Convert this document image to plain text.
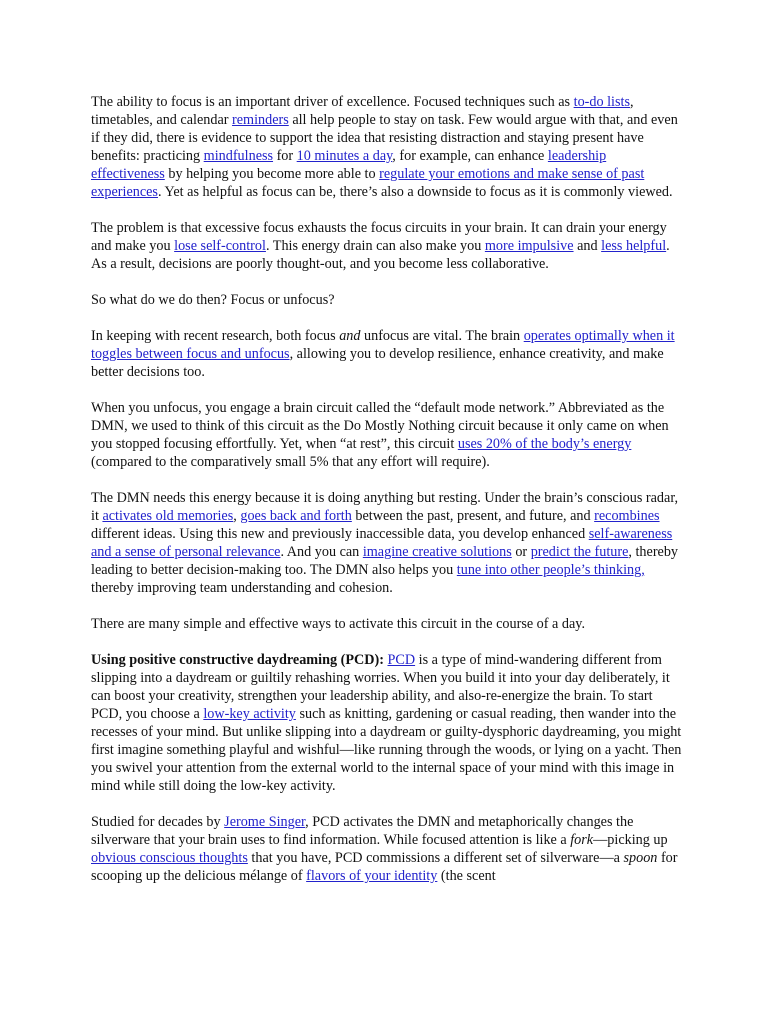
The ability to focus is an important driver of excellence. Focused techniques such as to-do lists, timetables, and calendar reminders all help people to stay on task. Few would argue with that, and even if they did, there is evidence to support the idea that resisting distraction and staying present have benefits: practicing mindfulness for 10 minutes a day, for example, can enhance leadership effectiveness by helping you become more able to regulate your emotions and make sense of past experiences. Yet as helpful as focus can be, there’s also a downside to focus as it is commonly viewed.

The problem is that excessive focus exhausts the focus circuits in your brain. It can drain your energy and make you lose self-control. This energy drain can also make you more impulsive and less helpful. As a result, decisions are poorly thought-out, and you become less collaborative.

So what do we do then? Focus or unfocus?

In keeping with recent research, both focus and unfocus are vital. The brain operates optimally when it toggles between focus and unfocus, allowing you to develop resilience, enhance creativity, and make better decisions too.

When you unfocus, you engage a brain circuit called the “default mode network.” Abbreviated as the DMN, we used to think of this circuit as the Do Mostly Nothing circuit because it only came on when you stopped focusing effortfully. Yet, when “at rest”, this circuit uses 20% of the body’s energy (compared to the comparatively small 5% that any effort will require).

The DMN needs this energy because it is doing anything but resting. Under the brain’s conscious radar, it activates old memories, goes back and forth between the past, present, and future, and recombines different ideas. Using this new and previously inaccessible data, you develop enhanced self-awareness and a sense of personal relevance. And you can imagine creative solutions or predict the future, thereby leading to better decision-making too. The DMN also helps you tune into other people’s thinking, thereby improving team understanding and cohesion.

There are many simple and effective ways to activate this circuit in the course of a day.

Using positive constructive daydreaming (PCD): PCD is a type of mind-wandering different from slipping into a daydream or guiltily rehashing worries. When you build it into your day deliberately, it can boost your creativity, strengthen your leadership ability, and also-re-energize the brain. To start PCD, you choose a low-key activity such as knitting, gardening or casual reading, then wander into the recesses of your mind. But unlike slipping into a daydream or guilty-dysphoric daydreaming, you might first imagine something playful and wishful—like running through the woods, or lying on a yacht. Then you swivel your attention from the external world to the internal space of your mind with this image in mind while still doing the low-key activity.

Studied for decades by Jerome Singer, PCD activates the DMN and metaphorically changes the silverware that your brain uses to find information. While focused attention is like a fork—picking up obvious conscious thoughts that you have, PCD commissions a different set of silverware—a spoon for scooping up the delicious mélange of flavors of your identity (the scent
